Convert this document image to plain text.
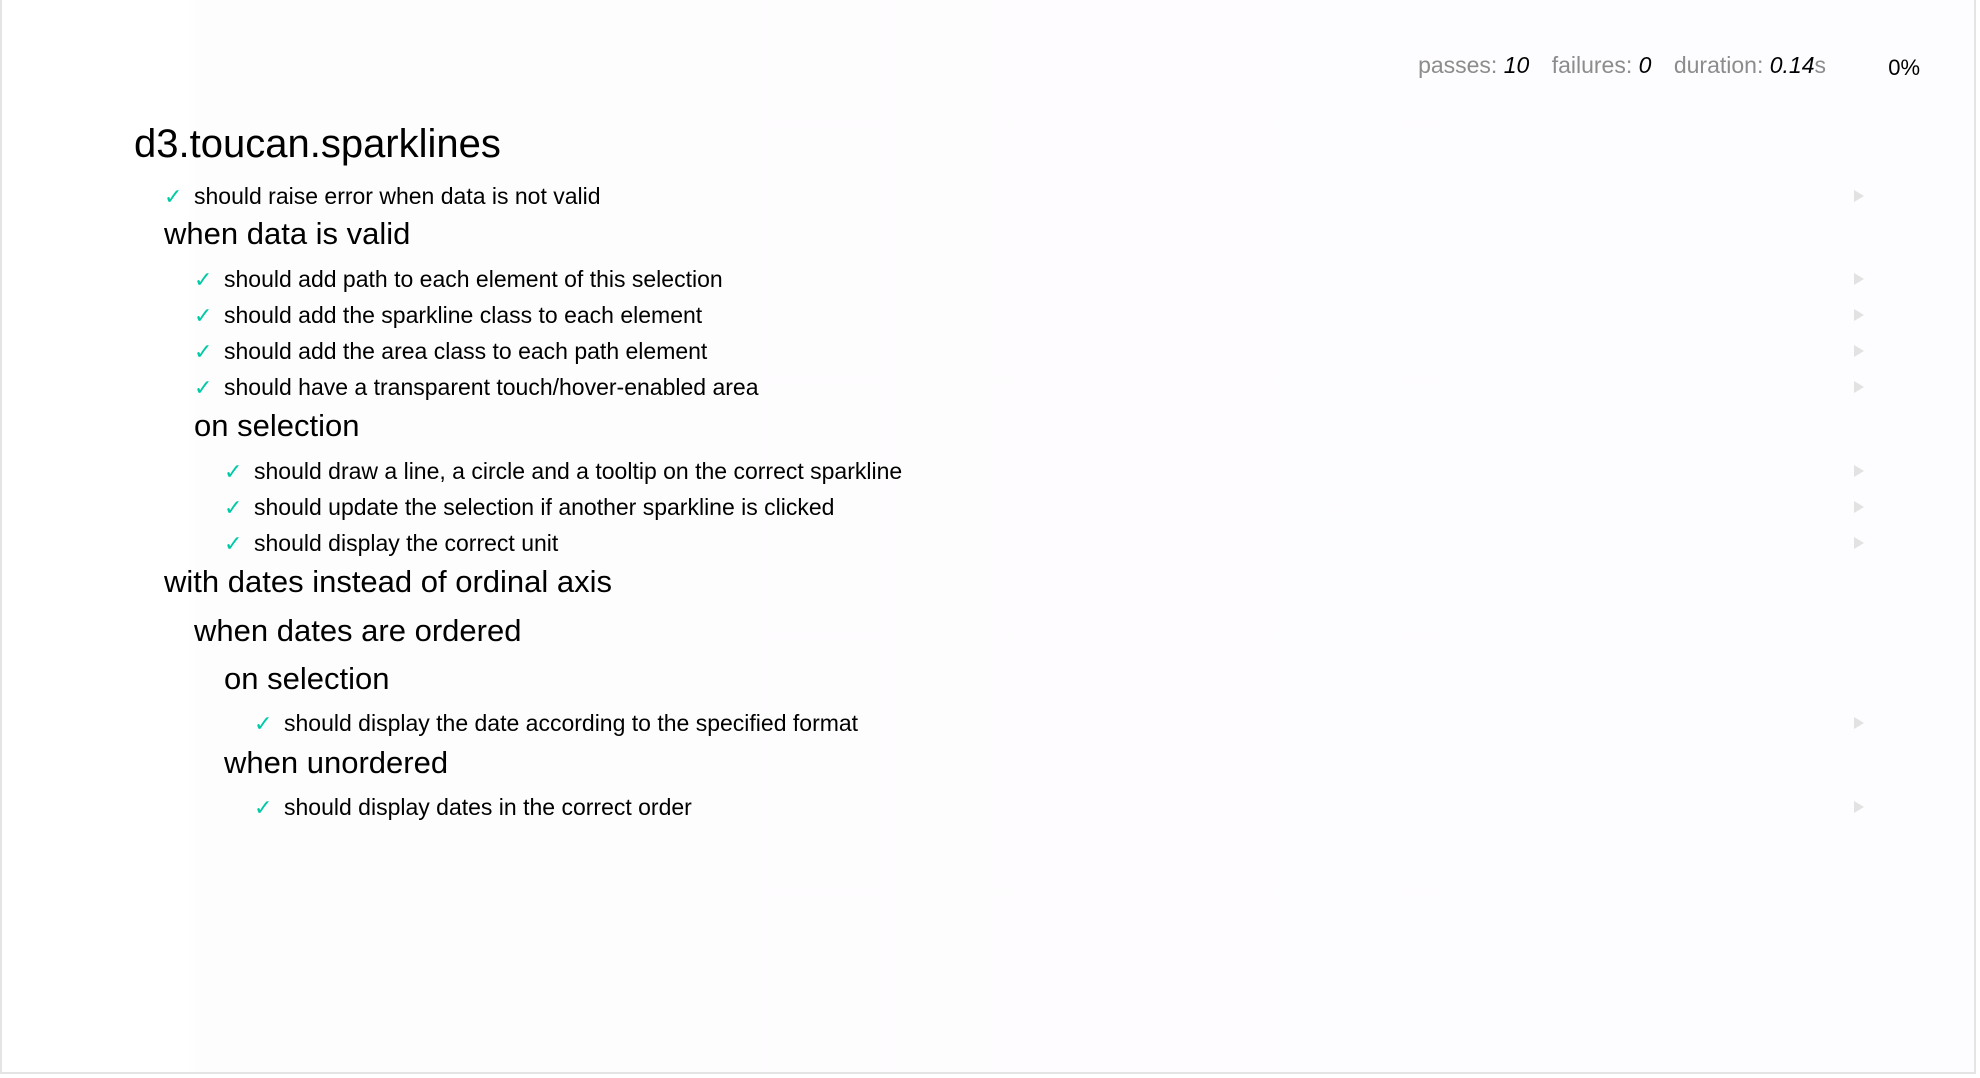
passes: 10 failures: 0 duration: 0.14s	0%
d3.toucan.sparklines
✓ should raise error when data is not valid
when data is valid
✓ should add path to each element of this selection
✓ should add the sparkline class to each element
✓ should add the area class to each path element
✓ should have a transparent touch/hover-enabled area
on selection
✓ should draw a line, a circle and a tooltip on the correct sparkline
✓ should update the selection if another sparkline is clicked
✓ should display the correct unit
with dates instead of ordinal axis
when dates are ordered
on selection
✓ should display the date according to the specified format
when unordered
✓ should display dates in the correct order
